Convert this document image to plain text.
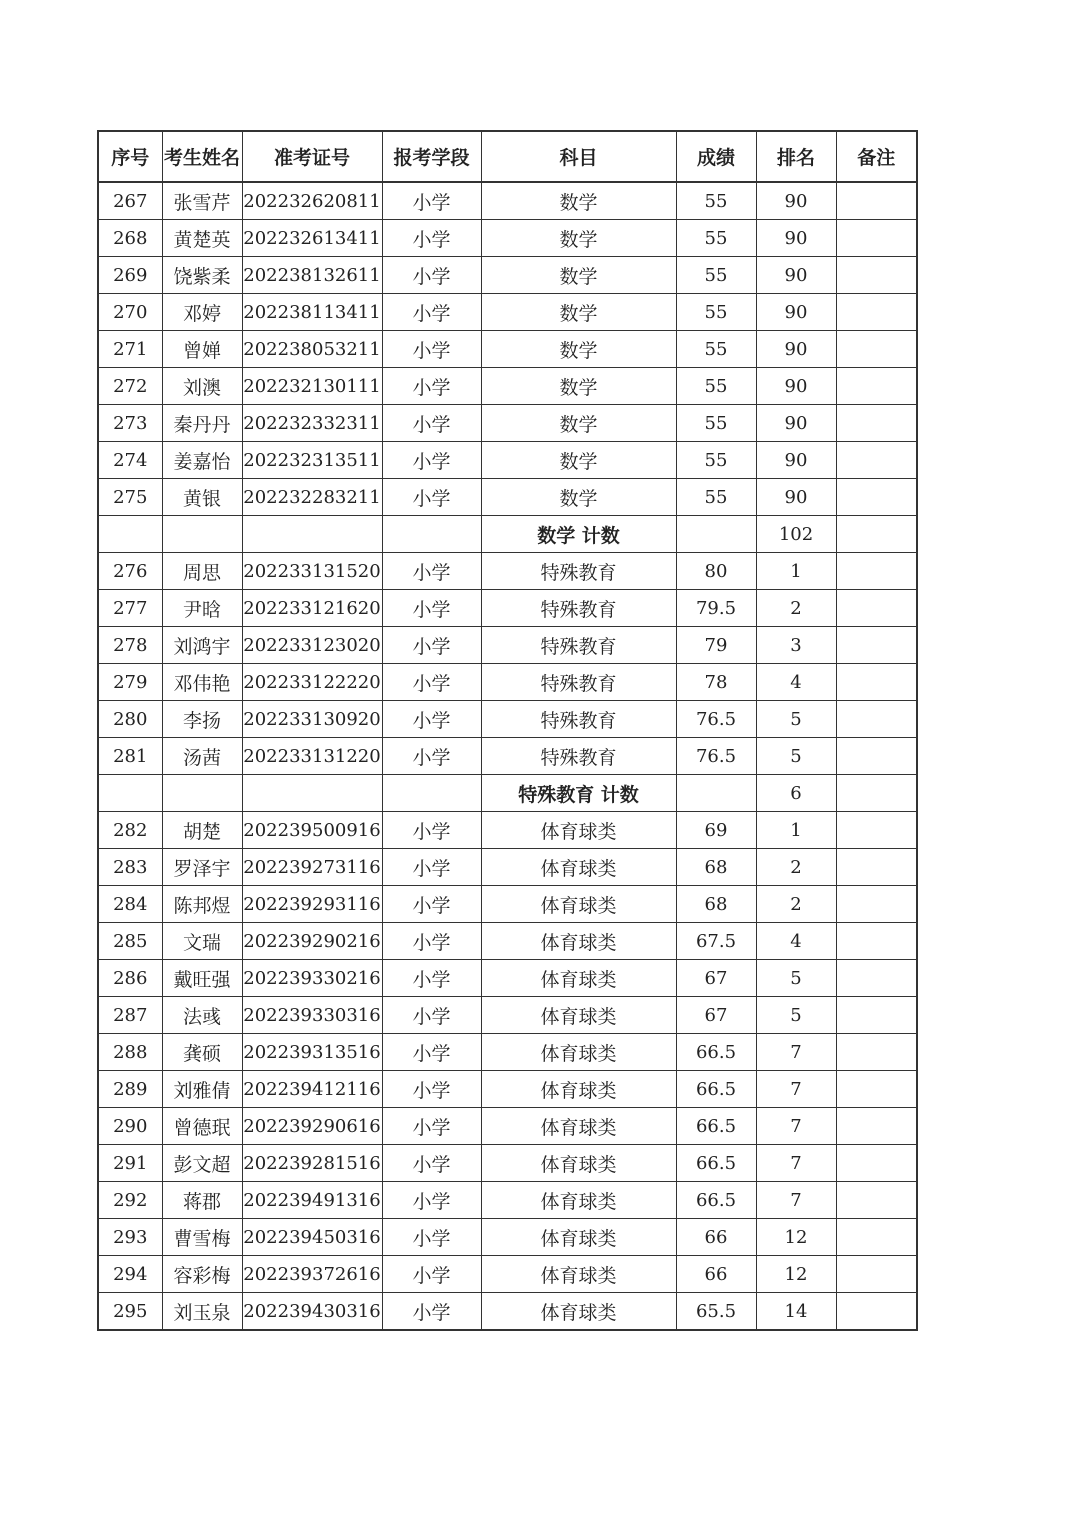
序号	考生姓名	准考证号	报考学段	科目	成绩	排名	备注
267	张雪芹	202232620811	小学	数学	55	90	
268	黄楚英	202232613411	小学	数学	55	90	
269	饶紫柔	202238132611	小学	数学	55	90	
270	邓婷	202238113411	小学	数学	55	90	
271	曾婵	202238053211	小学	数学	55	90	
272	刘澳	202232130111	小学	数学	55	90	
273	秦丹丹	202232332311	小学	数学	55	90	
274	姜嘉怡	202232313511	小学	数学	55	90	
275	黄银	202232283211	小学	数学	55	90	
				数学 计数		102	
276	周思	202233131520	小学	特殊教育	80	1	
277	尹晗	202233121620	小学	特殊教育	79.5	2	
278	刘鸿宇	202233123020	小学	特殊教育	79	3	
279	邓伟艳	202233122220	小学	特殊教育	78	4	
280	李扬	202233130920	小学	特殊教育	76.5	5	
281	汤茜	202233131220	小学	特殊教育	76.5	5	
				特殊教育 计数		6	
282	胡楚	202239500916	小学	体育球类	69	1	
283	罗泽宇	202239273116	小学	体育球类	68	2	
284	陈邦煜	202239293116	小学	体育球类	68	2	
285	文瑞	202239290216	小学	体育球类	67.5	4	
286	戴旺强	202239330216	小学	体育球类	67	5	
287	法彧	202239330316	小学	体育球类	67	5	
288	龚硕	202239313516	小学	体育球类	66.5	7	
289	刘雅倩	202239412116	小学	体育球类	66.5	7	
290	曾德珉	202239290616	小学	体育球类	66.5	7	
291	彭文超	202239281516	小学	体育球类	66.5	7	
292	蒋郡	202239491316	小学	体育球类	66.5	7	
293	曹雪梅	202239450316	小学	体育球类	66	12	
294	容彩梅	202239372616	小学	体育球类	66	12	
295	刘玉泉	202239430316	小学	体育球类	65.5	14	
